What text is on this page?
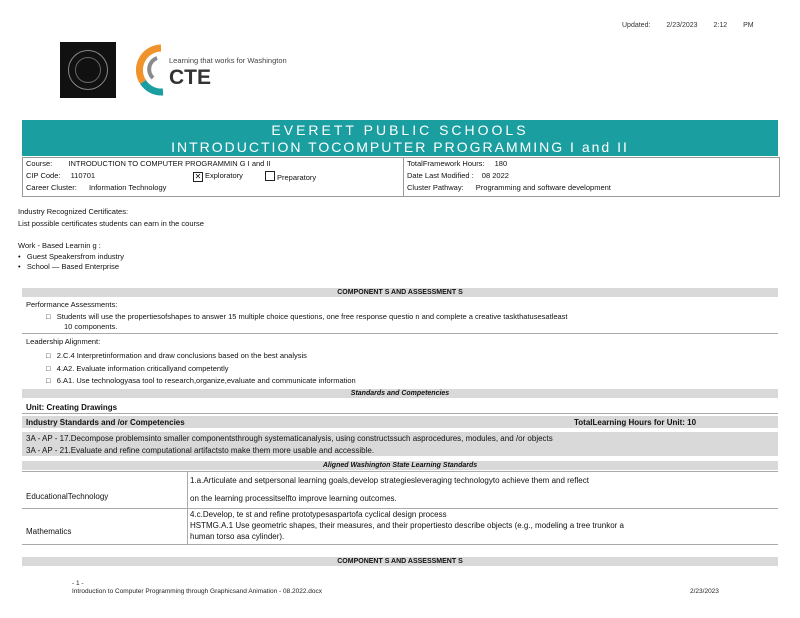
Updated: 2/23/2023 2:12 PM
Learning that works for Washington
CTE
EVERETT PUBLIC SCHOOLS
INTRODUCTION TOCOMPUTER PROGRAMMING I and II
Course: INTRODUCTION TO COMPUTER PROGRAMMIN G I and II
CIP Code: 110701	✕ Exploratory	Preparatory
Career Cluster: Information Technology
TotalFramework Hours: 180
Date Last Modified : 08 2022
Cluster Pathway: Programming and software development
Industry Recognized Certificates:
List possible certificates students can earn in the course
Work - Based Learnin g :
•   Guest Speakersfrom industry
•   School — Based Enterprise
COMPONENT S AND ASSESSMENT S
Performance Assessments:
□   Students will use the propertiesofshapes to answer 15 multiple choice questions, one free response questio n and complete a creative taskthatusesatleast
10 components.
Leadership Alignment:
□   2.C.4 Interpretinformation and draw conclusions based on the best analysis
□   4.A2. Evaluate information criticallyand competently
□   6.A1. Use technologyasa tool to research,organize,evaluate and communicate information
Standards and Competencies
Unit: Creating Drawings
Industry Standards and /or Competencies	TotalLearning Hours for Unit: 10
3A - AP - 17.Decompose problemsinto smaller componentsthrough systematicanalysis, using constructssuch asprocedures, modules, and /or objects
3A - AP - 21.Evaluate and refine computational artifactsto make them more usable and accessible.
Aligned Washington State Learning Standards
EducationalTechnology
1.a.Articulate and setpersonal learning goals,develop strategiesleveraging technologyto achieve them and reflect
on the learning processitselfto improve learning outcomes.
Mathematics
4.c.Develop, te st and refine prototypesaspartofa cyclical design process
HSTMG.A.1 Use geometric shapes, their measures, and their propertiesto describe objects (e.g., modeling a tree trunkor a
human torso asa cylinder).
COMPONENT S AND ASSESSMENT S
- 1 -
Introduction to Computer Programming through Graphicsand Animation - 08.2022.docx	2/23/2023
